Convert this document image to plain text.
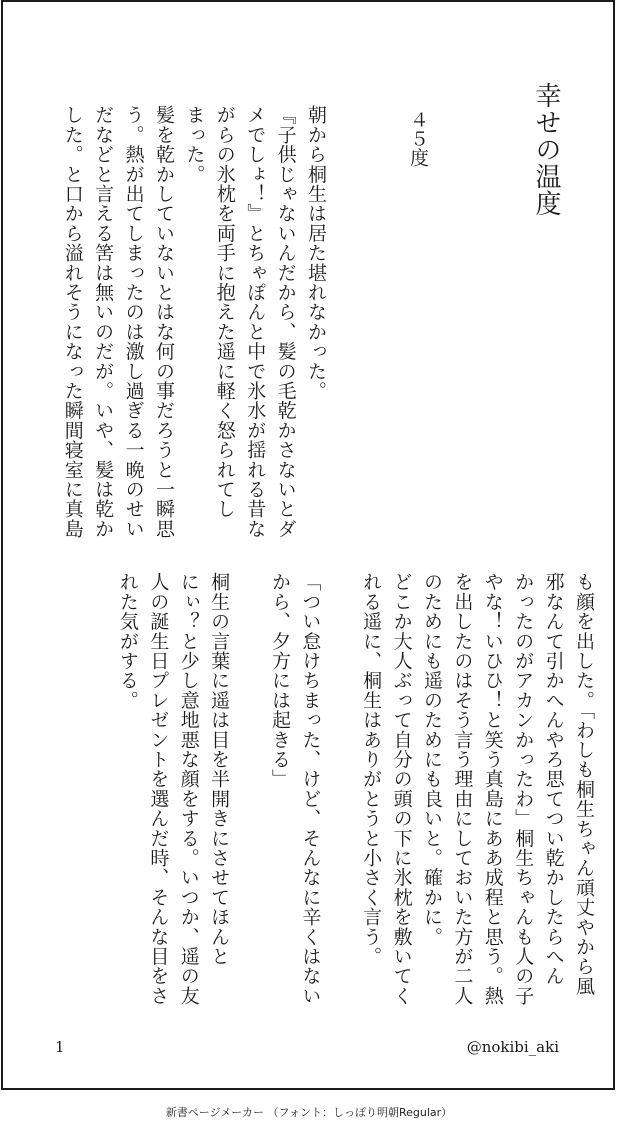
幸せの温度
４５度
朝から桐生は居た堪れなかった。
『子供じゃないんだから、髪の毛乾かさないとダ
メでしょ！』とちゃぽんと中で氷水が揺れる昔な
がらの氷枕を両手に抱えた遥に軽く怒られてし
まった。
髪を乾かしていないとはな何の事だろうと一瞬思
う。熱が出てしまったのは激し過ぎる一晩のせい
だなどと言える筈は無いのだが。いや、髪は乾か
した。と口から溢れそうになった瞬間寝室に真島
も顔を出した。「わしも桐生ちゃん頑丈やから風
邪なんて引かへんやろ思てつい乾かしたらへん
かったのがアカンかったわ」桐生ちゃんも人の子
やな！いひひ！と笑う真島にああ成程と思う。熱
を出したのはそう言う理由にしておいた方が二人
のためにも遥のためにも良いと。確かに。
どこか大人ぶって自分の頭の下に氷枕を敷いてく
れる遥に、桐生はありがとうと小さく言う。

「つい怠けちまった、けど、そんなに辛くはない
から、夕方には起きる」

桐生の言葉に遥は目を半開きにさせてほんと
にぃ？と少し意地悪な顔をする。いつか、遥の友
人の誕生日プレゼントを選んだ時、そんな目をさ
れた気がする。
1	@nokibi_aki
新書ページメーカー （フォント：しっぽり明朝Regular）
